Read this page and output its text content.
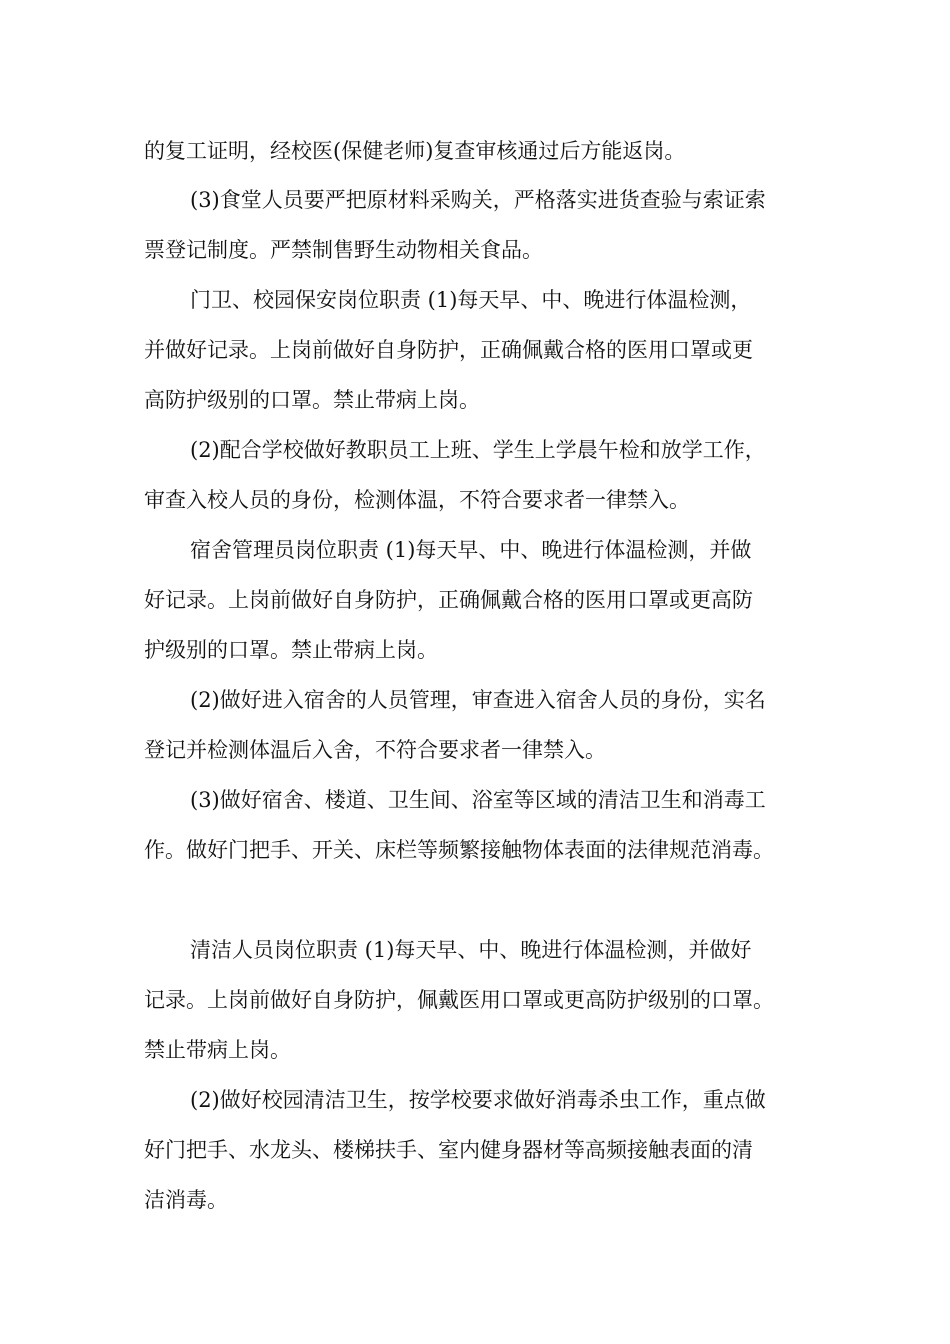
的复工证明，经校医(保健老师)复查审核通过后方能返岗。

(3)食堂人员要严把原材料采购关，严格落实进货查验与索证索

票登记制度。严禁制售野生动物相关食品。

门卫、校园保安岗位职责 (1)每天早、中、晚进行体温检测，

并做好记录。上岗前做好自身防护，正确佩戴合格的医用口罩或更

高防护级别的口罩。禁止带病上岗。

(2)配合学校做好教职员工上班、学生上学晨午检和放学工作，

审查入校人员的身份，检测体温，不符合要求者一律禁入。

宿舍管理员岗位职责 (1)每天早、中、晚进行体温检测，并做

好记录。上岗前做好自身防护，正确佩戴合格的医用口罩或更高防

护级别的口罩。禁止带病上岗。

(2)做好进入宿舍的人员管理，审查进入宿舍人员的身份，实名

登记并检测体温后入舍，不符合要求者一律禁入。

(3)做好宿舍、楼道、卫生间、浴室等区域的清洁卫生和消毒工

作。做好门把手、开关、床栏等频繁接触物体表面的法律规范消毒。

清洁人员岗位职责 (1)每天早、中、晚进行体温检测，并做好

记录。上岗前做好自身防护，佩戴医用口罩或更高防护级别的口罩。

禁止带病上岗。

(2)做好校园清洁卫生，按学校要求做好消毒杀虫工作，重点做

好门把手、水龙头、楼梯扶手、室内健身器材等高频接触表面的清

洁消毒。
